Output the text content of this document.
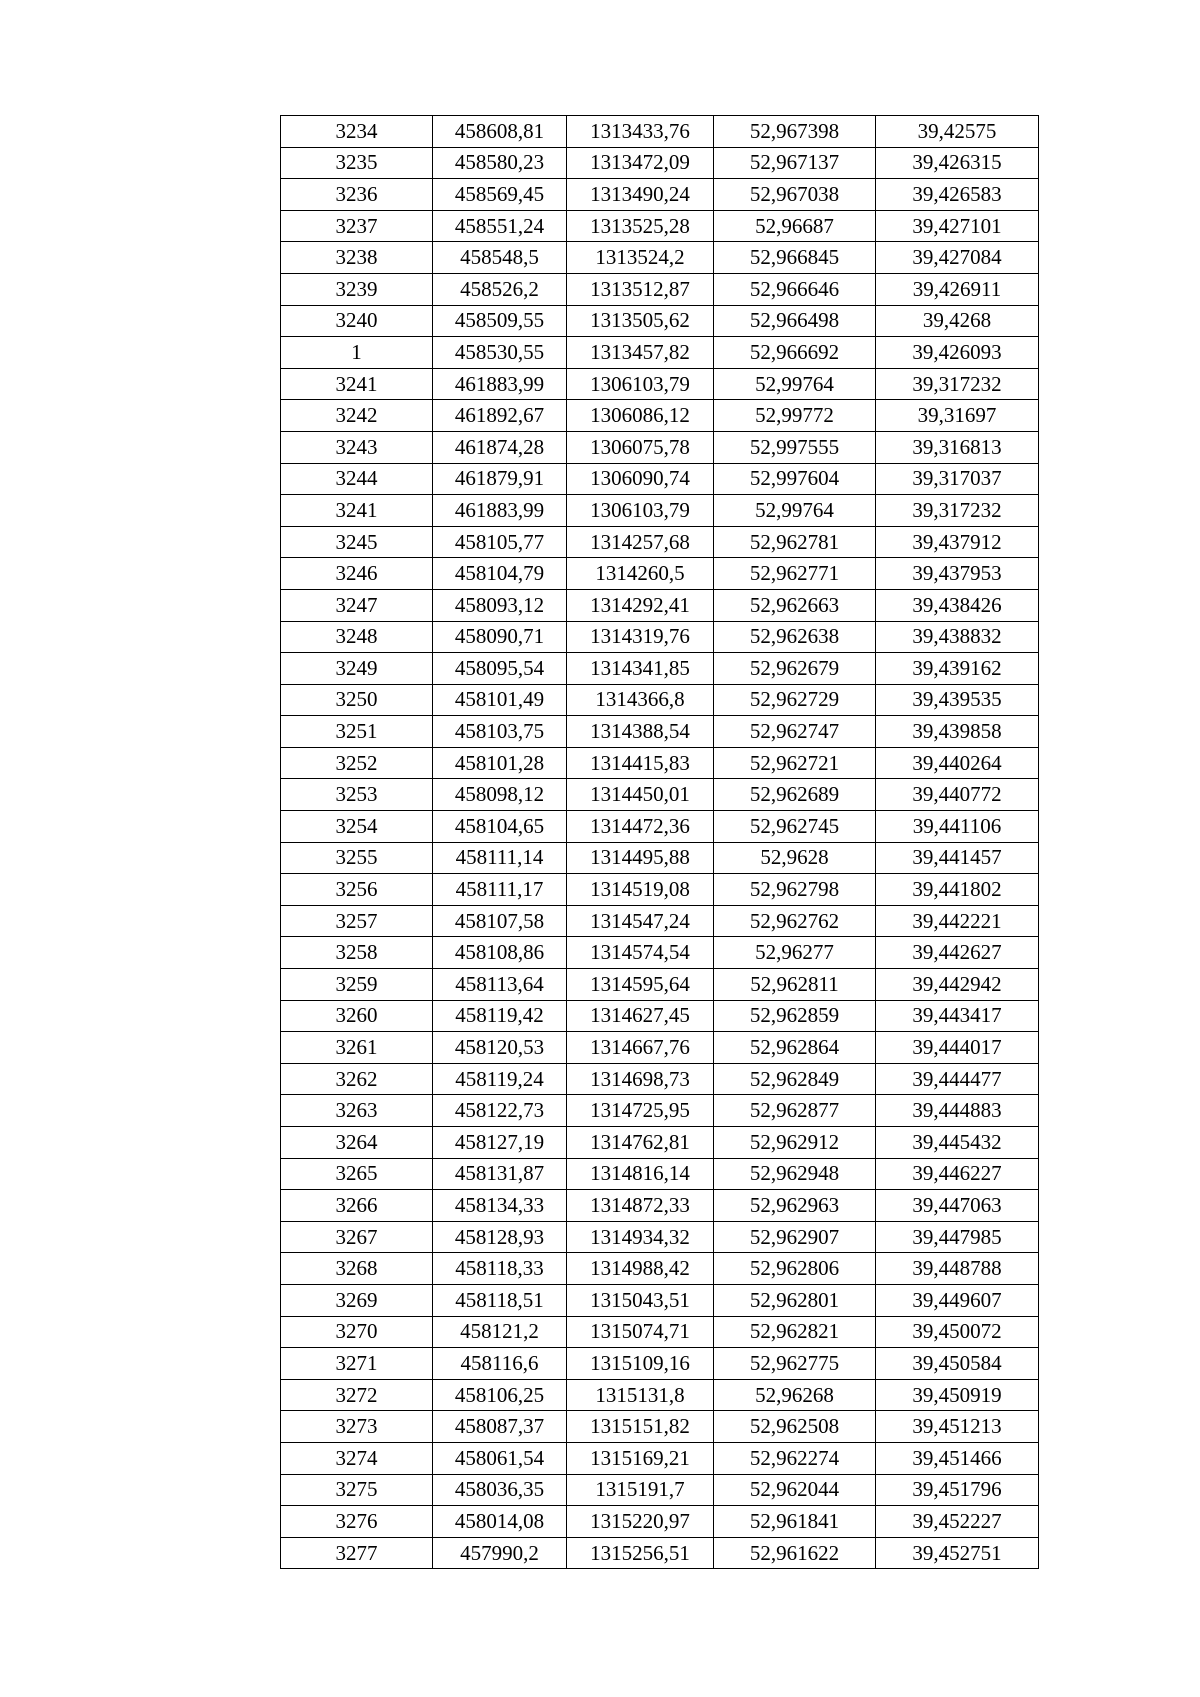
3234	458608,81	1313433,76	52,967398	39,42575
3235	458580,23	1313472,09	52,967137	39,426315
3236	458569,45	1313490,24	52,967038	39,426583
3237	458551,24	1313525,28	52,96687	39,427101
3238	458548,5	1313524,2	52,966845	39,427084
3239	458526,2	1313512,87	52,966646	39,426911
3240	458509,55	1313505,62	52,966498	39,4268
1	458530,55	1313457,82	52,966692	39,426093
3241	461883,99	1306103,79	52,99764	39,317232
3242	461892,67	1306086,12	52,99772	39,31697
3243	461874,28	1306075,78	52,997555	39,316813
3244	461879,91	1306090,74	52,997604	39,317037
3241	461883,99	1306103,79	52,99764	39,317232
3245	458105,77	1314257,68	52,962781	39,437912
3246	458104,79	1314260,5	52,962771	39,437953
3247	458093,12	1314292,41	52,962663	39,438426
3248	458090,71	1314319,76	52,962638	39,438832
3249	458095,54	1314341,85	52,962679	39,439162
3250	458101,49	1314366,8	52,962729	39,439535
3251	458103,75	1314388,54	52,962747	39,439858
3252	458101,28	1314415,83	52,962721	39,440264
3253	458098,12	1314450,01	52,962689	39,440772
3254	458104,65	1314472,36	52,962745	39,441106
3255	458111,14	1314495,88	52,9628	39,441457
3256	458111,17	1314519,08	52,962798	39,441802
3257	458107,58	1314547,24	52,962762	39,442221
3258	458108,86	1314574,54	52,96277	39,442627
3259	458113,64	1314595,64	52,962811	39,442942
3260	458119,42	1314627,45	52,962859	39,443417
3261	458120,53	1314667,76	52,962864	39,444017
3262	458119,24	1314698,73	52,962849	39,444477
3263	458122,73	1314725,95	52,962877	39,444883
3264	458127,19	1314762,81	52,962912	39,445432
3265	458131,87	1314816,14	52,962948	39,446227
3266	458134,33	1314872,33	52,962963	39,447063
3267	458128,93	1314934,32	52,962907	39,447985
3268	458118,33	1314988,42	52,962806	39,448788
3269	458118,51	1315043,51	52,962801	39,449607
3270	458121,2	1315074,71	52,962821	39,450072
3271	458116,6	1315109,16	52,962775	39,450584
3272	458106,25	1315131,8	52,96268	39,450919
3273	458087,37	1315151,82	52,962508	39,451213
3274	458061,54	1315169,21	52,962274	39,451466
3275	458036,35	1315191,7	52,962044	39,451796
3276	458014,08	1315220,97	52,961841	39,452227
3277	457990,2	1315256,51	52,961622	39,452751
